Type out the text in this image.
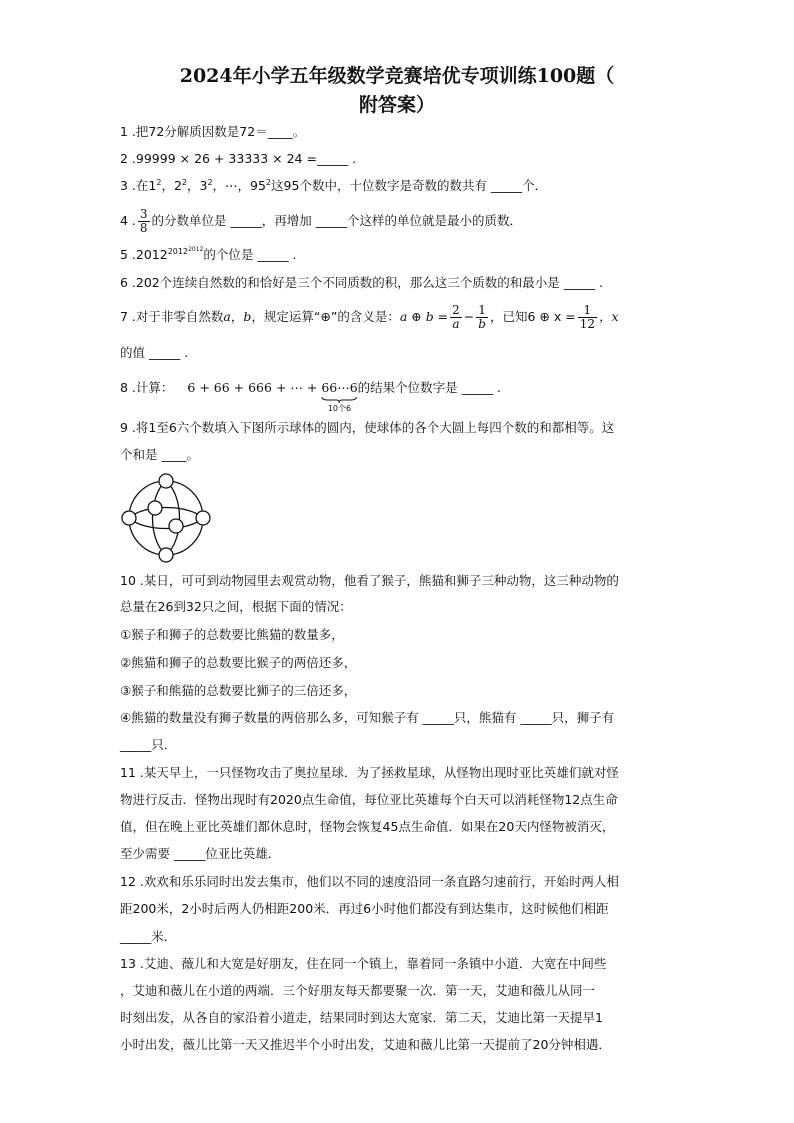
2024年小学五年级数学竞赛培优专项训练100题（
附答案）
1 .把72分解质因数是72＝____。
2 .99999 × 26 + 33333 × 24 =_____ .
3 .在$1^2$，$2^2$，$3^2$，⋯，$95^2$这95个数中，十位数字是奇数的数共有 _____个．
4 . $\frac{3}{8}$ 的分数单位是 _____，再增加 _____个这样的单位就是最小的质数．
5 $.2012^{20122012}$的个位是 _____ .
6 .202个连续自然数的和恰好是三个不同质数的积，那么这三个质数的和最小是 _____ .
7 .对于非零自然数a，b，规定运算“⊕”的含义是：a ⊕ $b = \frac{2}{a} - \frac{1}{b}$ ，已知6 ⊕ $x = \frac{1}{12}$ ，x
的值 _____ .
8 .计算： 6 + 66 + 666 + ⋯ + 66⋯6
10个6
的结果个位数字是 _____ .
9 .将1至6六个数填入下图所示球体的圆内，使球体的各个大圆上每四个数的和都相等。这
个和是 ____。
10 .某日，可可到动物园里去观赏动物，他看了猴子，熊猫和狮子三种动物，这三种动物的
总量在26到32只之间，根据下面的情况：
①猴子和狮子的总数要比熊猫的数量多，
②熊猫和狮子的总数要比猴子的两倍还多，
③猴子和熊猫的总数要比狮子的三倍还多，
④熊猫的数量没有狮子数量的两倍那么多，可知猴子有 _____只，熊猫有 _____只，狮子有
_____只．
11 .某天早上，一只怪物攻击了奥拉星球．为了拯救星球，从怪物出现时亚比英雄们就对怪
物进行反击．怪物出现时有2020点生命值，每位亚比英雄每个白天可以消耗怪物12点生命
值，但在晚上亚比英雄们都休息时，怪物会恢复45点生命值．如果在20天内怪物被消灭，
至少需要 _____位亚比英雄．
12 .欢欢和乐乐同时出发去集市，他们以不同的速度沿同一条直路匀速前行，开始时两人相
距200米，2小时后两人仍相距200米．再过6小时他们都没有到达集市，这时候他们相距
_____米．
13 .艾迪、薇儿和大宽是好朋友，住在同一个镇上，靠着同一条镇中小道．大宽在中间些
，艾迪和薇儿在小道的两端．三个好朋友每天都要聚一次．第一天，艾迪和薇儿从同一
时刻出发，从各自的家沿着小道走，结果同时到达大宽家．第二天，艾迪比第一天提早1
小时出发，薇儿比第一天又推迟半个小时出发，艾迪和薇儿比第一天提前了20分钟相遇．
